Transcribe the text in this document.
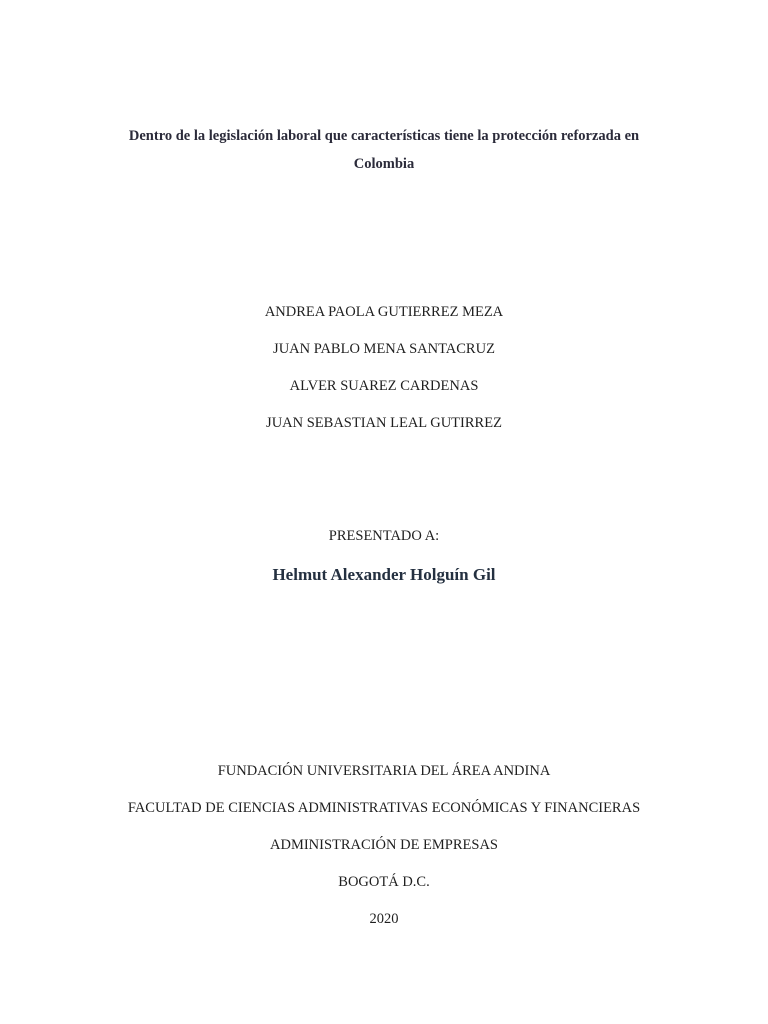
Dentro de la legislación laboral que características tiene la protección reforzada en
Colombia
ANDREA PAOLA GUTIERREZ MEZA
JUAN PABLO MENA SANTACRUZ
ALVER SUAREZ CARDENAS
JUAN SEBASTIAN LEAL GUTIRREZ
PRESENTADO A:
Helmut Alexander Holguín Gil
FUNDACIÓN UNIVERSITARIA DEL ÁREA ANDINA
FACULTAD DE CIENCIAS ADMINISTRATIVAS ECONÓMICAS Y FINANCIERAS
ADMINISTRACIÓN DE EMPRESAS
BOGOTÁ D.C.
2020
